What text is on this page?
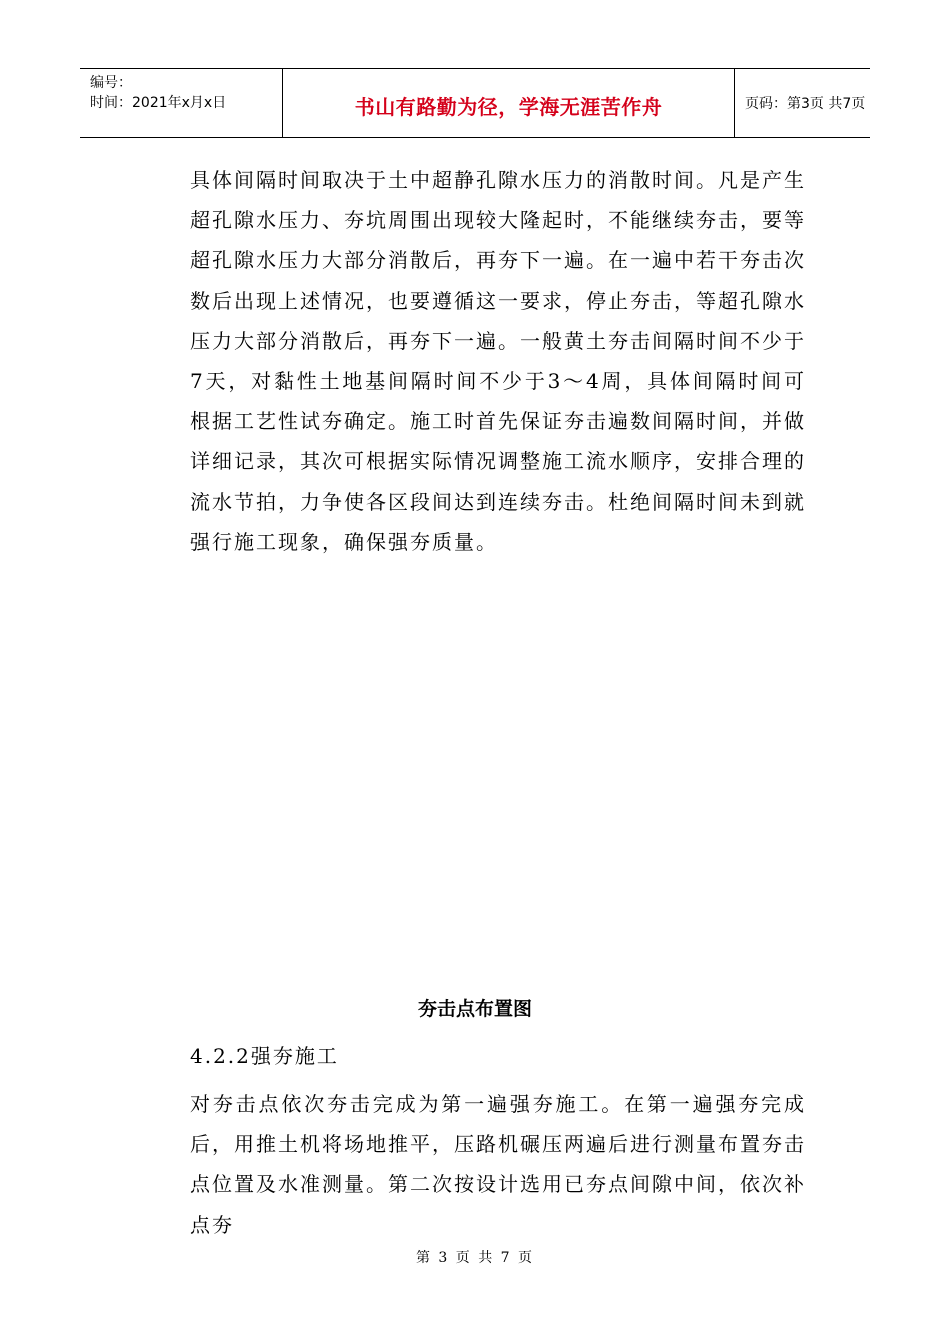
编号：
时间：2021年x月x日	书山有路勤为径，学海无涯苦作舟	页码：第3页 共7页
具体间隔时间取决于土中超静孔隙水压力的消散时间。凡是产生超孔隙水压力、夯坑周围出现较大隆起时，不能继续夯击，要等超孔隙水压力大部分消散后，再夯下一遍。在一遍中若干夯击次数后出现上述情况，也要遵循这一要求，停止夯击，等超孔隙水压力大部分消散后，再夯下一遍。一般黄土夯击间隔时间不少于7天，对黏性土地基间隔时间不少于3～4周，具体间隔时间可根据工艺性试夯确定。施工时首先保证夯击遍数间隔时间，并做详细记录，其次可根据实际情况调整施工流水顺序，安排合理的流水节拍，力争使各区段间达到连续夯击。杜绝间隔时间未到就强行施工现象，确保强夯质量。
夯击点布置图
4.2.2强夯施工
对夯击点依次夯击完成为第一遍强夯施工。在第一遍强夯完成后，用推土机将场地推平，压路机碾压两遍后进行测量布置夯击点位置及水准测量。第二次按设计选用已夯点间隙中间，依次补点夯
第 3 页 共 7 页
